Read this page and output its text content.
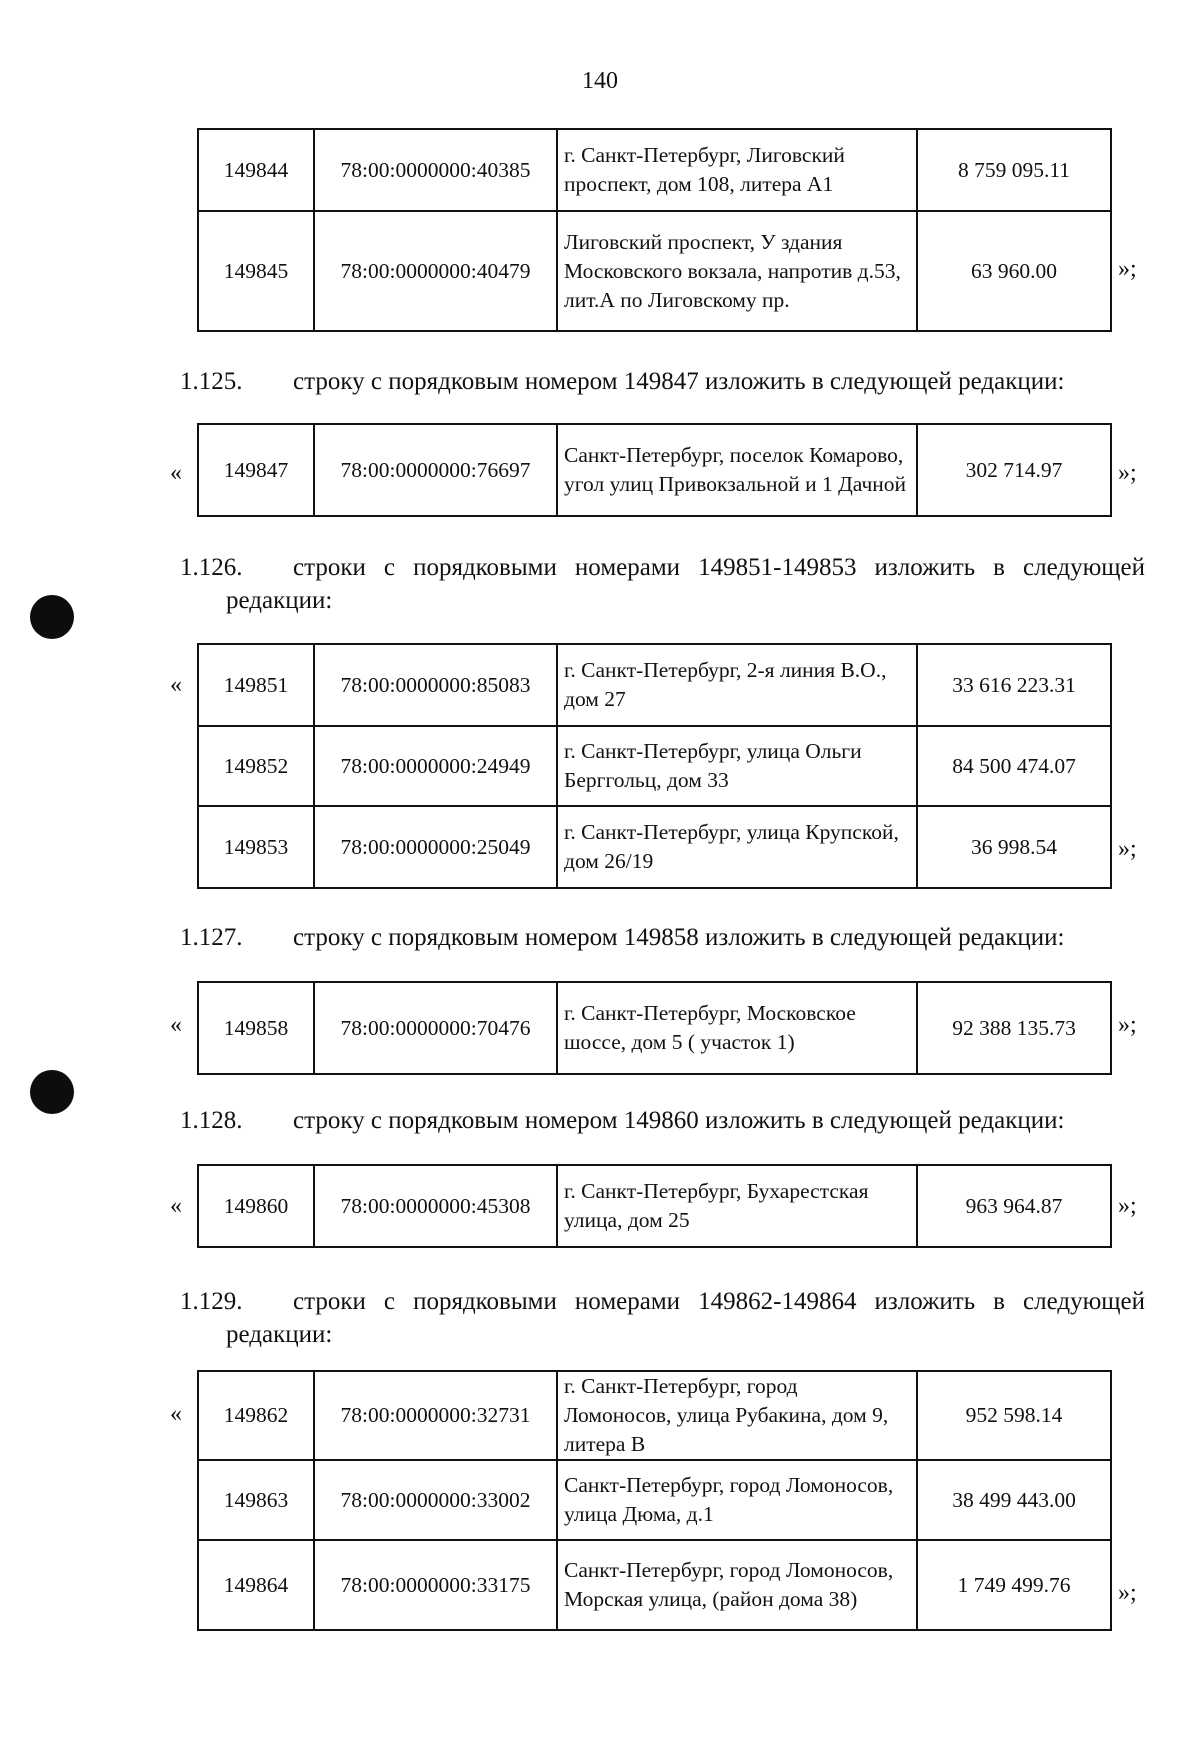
140
149844	78:00:0000000:40385	г. Санкт-Петербург, Лиговский проспект, дом 108, литера А1	8 759 095.11
149845	78:00:0000000:40479	Лиговский проспект, У здания Московского вокзала, напротив д.53, лит.А по Лиговскому пр.	63 960.00	»;
1.125. строку с порядковым номером 149847 изложить в следующей редакции:
« 149847	78:00:0000000:76697	Санкт-Петербург, поселок Комарово, угол улиц Привокзальной и 1 Дачной	302 714.97 »;
1.126. строки с порядковыми номерами 149851-149853 изложить в следующей
редакции:
« 149851	78:00:0000000:85083	г. Санкт-Петербург, 2-я линия В.О., дом 27	33 616 223.31
149852	78:00:0000000:24949	г. Санкт-Петербург, улица Ольги Берггольц, дом 33	84 500 474.07
149853	78:00:0000000:25049	г. Санкт-Петербург, улица Крупской, дом 26/19	36 998.54	»;
1.127. строку с порядковым номером 149858 изложить в следующей редакции:
« 149858	78:00:0000000:70476	г. Санкт-Петербург, Московское шоссе, дом 5 ( участок 1)	92 388 135.73 »;
1.128. строку с порядковым номером 149860 изложить в следующей редакции:
« 149860	78:00:0000000:45308	г. Санкт-Петербург, Бухарестская улица, дом 25	963 964.87 »;
1.129. строки с порядковыми номерами 149862-149864 изложить в следующей
редакции:
« 149862	78:00:0000000:32731	г. Санкт-Петербург, город Ломоносов, улица Рубакина, дом 9, литера В	952 598.14
149863	78:00:0000000:33002	Санкт-Петербург, город Ломоносов, улица Дюма, д.1	38 499 443.00
149864	78:00:0000000:33175	Санкт-Петербург, город Ломоносов, Морская улица, (район дома 38)	1 749 499.76 »;
